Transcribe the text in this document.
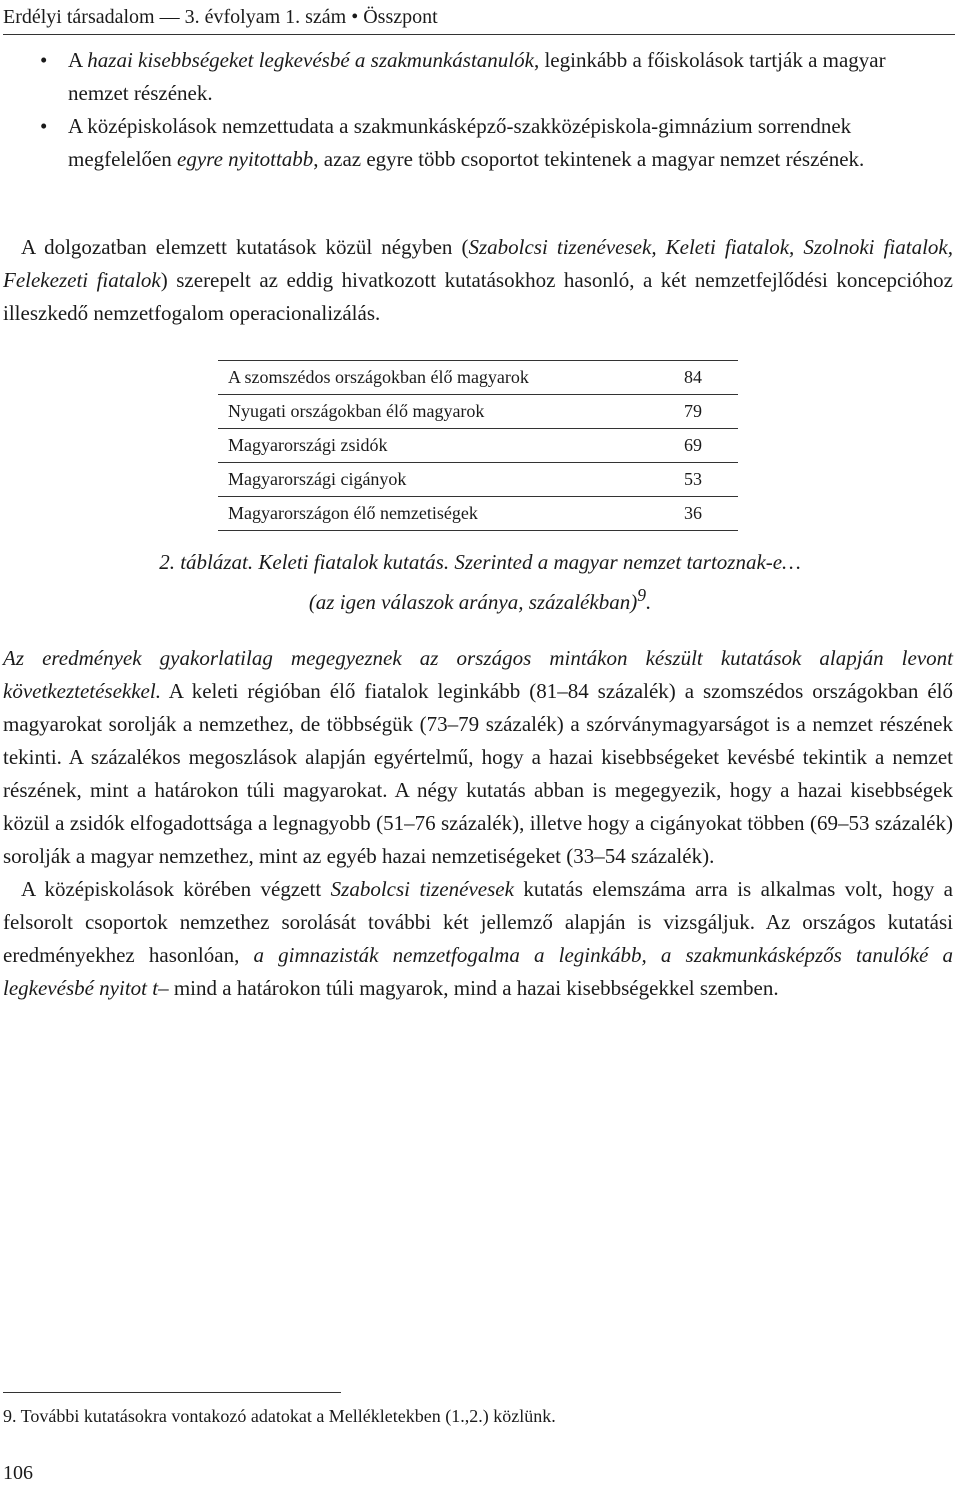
Erdélyi társadalom — 3. évfolyam 1. szám • Összpont
• A hazai kisebbségeket legkevésbé a szakmunkástanulók, leginkább a főiskolások tartják a magyar nemzet részének.
• A középiskolások nemzettudata a szakmunkásképző-szakközépiskola-gimnázium sorrendnek megfelelően egyre nyitottabb, azaz egyre több csoportot tekintenek a magyar nemzet részének.
A dolgozatban elemzett kutatások közül négyben (Szabolcsi tizenévesek, Keleti fiatalok, Szolnoki fiatalok, Felekezeti fiatalok) szerepelt az eddig hivatkozott kutatásokhoz hasonló, a két nemzetfejlődési koncepcióhoz illeszkedő nemzetfogalom operacionalizálás.
A szomszédos országokban élő magyarok	84
Nyugati országokban élő magyarok	79
Magyarországi zsidók	69
Magyarországi cigányok	53
Magyarországon élő nemzetiségek	36
2. táblázat. Keleti fiatalok kutatás. Szerinted a magyar nemzet tartoznak-e…
(az igen válaszok aránya, százalékban)$^9$.
Az eredmények gyakorlatilag megegyeznek az országos mintákon készült kutatások alapján levont következtetésekkel. A keleti régióban élő fiatalok leginkább (81–84 százalék) a szomszédos országokban élő magyarokat sorolják a nemzethez, de többségük (73–79 százalék) a szórványmagyarságot is a nemzet részének tekinti. A százalékos megoszlások alapján egyértelmű, hogy a hazai kisebbségeket kevésbé tekintik a nemzet részének, mint a határokon túli magyarokat. A négy kutatás abban is megegyezik, hogy a hazai kisebbségek közül a zsidók elfogadottsága a legnagyobb (51–76 százalék), illetve hogy a cigányokat többen (69–53 százalék) sorolják a magyar nemzethez, mint az egyéb hazai nemzetiségeket (33–54 százalék).
A középiskolások körében végzett Szabolcsi tizenévesek kutatás elemszáma arra is alkalmas volt, hogy a felsorolt csoportok nemzethez sorolását további két jellemző alapján is vizsgáljuk. Az országos kutatási eredményekhez hasonlóan, a gimnazisták nemzetfogalma a leginkább, a szakmunkásképzős tanulóké a legkevésbé nyitot t– mind a határokon túli magyarok, mind a hazai kisebbségekkel szemben.
9. További kutatásokra vontakozó adatokat a Mellékletekben (1.,2.) közlünk.
106
